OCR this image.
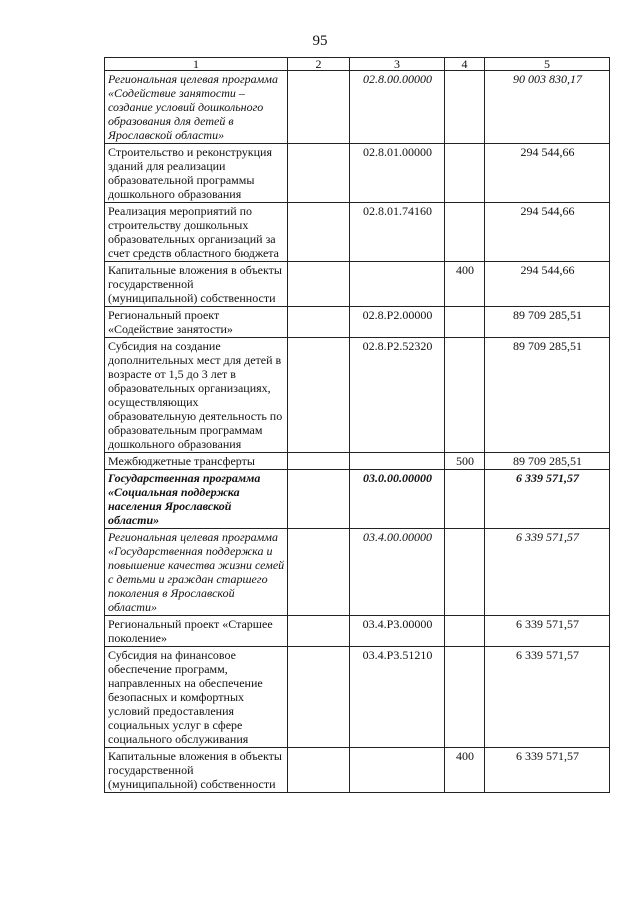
95
1	2	3	4	5
Региональная целевая программа «Содействие занятости – создание условий дошкольного образования для детей в Ярославской области»		02.8.00.00000		90 003 830,17
Строительство и реконструкция зданий для реализации образовательной программы дошкольного образования		02.8.01.00000		294 544,66
Реализация мероприятий по строительству дошкольных образовательных организаций за счет средств областного бюджета		02.8.01.74160		294 544,66
Капитальные вложения в объекты государственной (муниципальной) собственности			400	294 544,66
Региональный проект «Содействие занятости»		02.8.Р2.00000		89 709 285,51
Субсидия на создание дополнительных мест для детей в возрасте от 1,5 до 3 лет в образовательных организациях, осуществляющих образовательную деятельность по образовательным программам дошкольного образования		02.8.Р2.52320		89 709 285,51
Межбюджетные трансферты			500	89 709 285,51
Государственная программа «Социальная поддержка населения Ярославской области»		03.0.00.00000		6 339 571,57
Региональная целевая программа «Государственная поддержка и повышение качества жизни семей с детьми и граждан старшего поколения в Ярославской области»		03.4.00.00000		6 339 571,57
Региональный проект «Старшее поколение»		03.4.Р3.00000		6 339 571,57
Субсидия на финансовое обеспечение программ, направленных на обеспечение безопасных и комфортных условий предоставления социальных услуг в сфере социального обслуживания		03.4.Р3.51210		6 339 571,57
Капитальные вложения в объекты государственной (муниципальной) собственности			400	6 339 571,57
